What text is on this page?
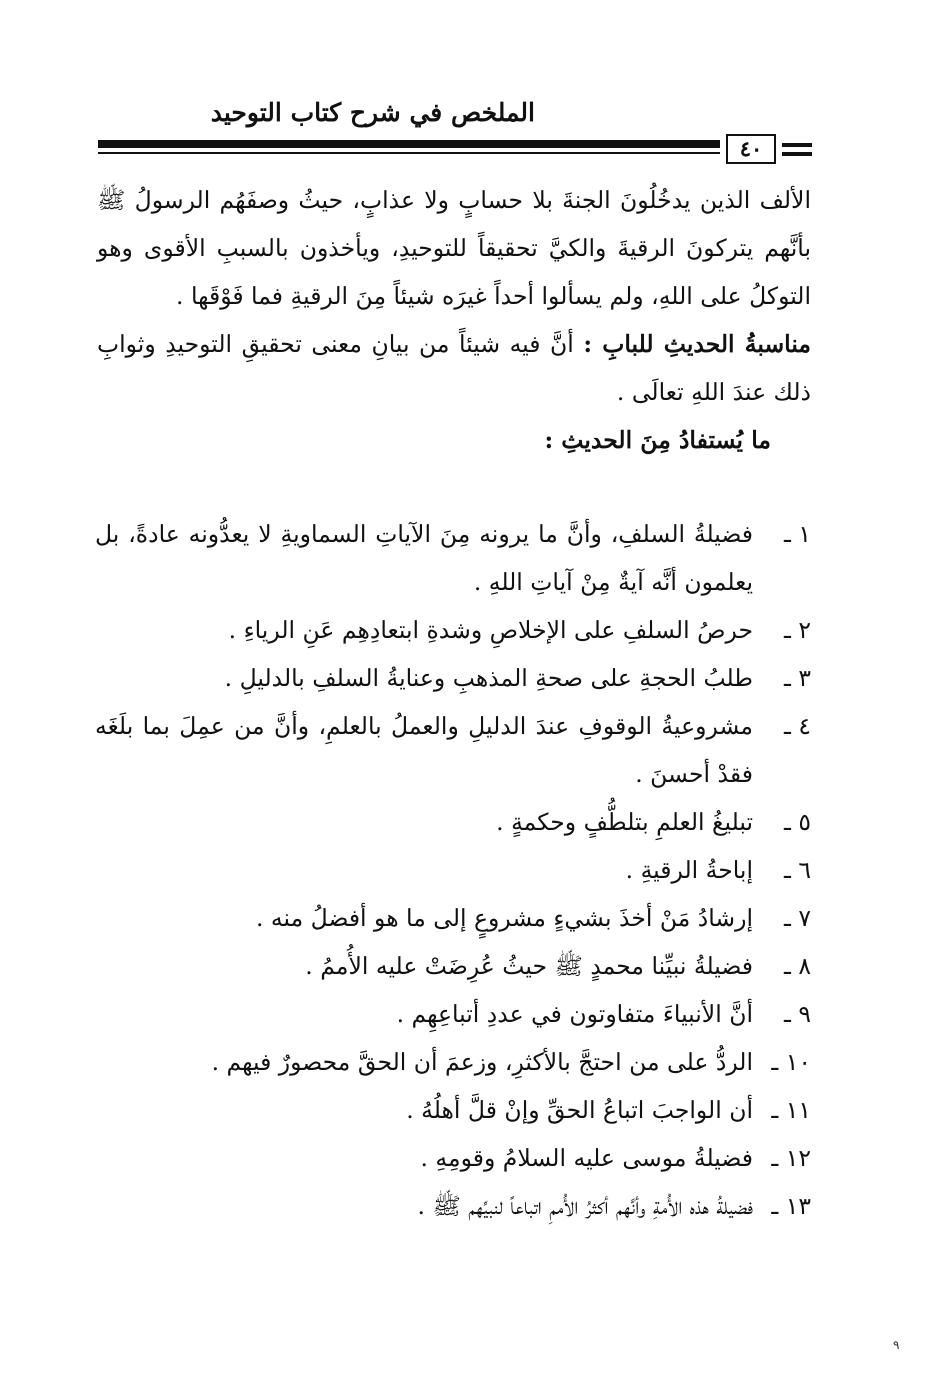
الملخص في شرح كتاب التوحيد
٤٠

الألف الذين يدخُلُونَ الجنةَ بلا حسابٍ ولا عذابٍ، حيثُ وصفَهُم الرسولُ ﷺ بأنَّهم يتركونَ الرقيةَ والكيَّ تحقيقاً للتوحيدِ، ويأخذون بالسببِ الأقوى وهو التوكلُ على اللهِ، ولم يسألوا أحداً غيرَه شيئاً مِنَ الرقيةِ فما فَوْقَها .

مناسبةُ الحديثِ للبابِ : أنَّ فيه شيئاً من بيانِ معنى تحقيقِ التوحيدِ وثوابِ ذلك عندَ اللهِ تعالَى .

ما يُستفادُ مِنَ الحديثِ :

١ ـ
فضيلةُ السلفِ، وأنَّ ما يرونه مِنَ الآياتِ السماويةِ لا يعدُّونه عادةً، بل يعلمون أنَّه آيةٌ مِنْ آياتِ اللهِ .
٢ ـ
حرصُ السلفِ على الإخلاصِ وشدةِ ابتعادِهِم عَنِ الرياءِ .
٣ ـ
طلبُ الحجةِ على صحةِ المذهبِ وعنايةُ السلفِ بالدليلِ .
٤ ـ
مشروعيةُ الوقوفِ عندَ الدليلِ والعملُ بالعلمِ، وأنَّ من عمِلَ بما بلَغَه فقدْ أحسنَ .
٥ ـ
تبليغُ العلمِ بتلطُّفٍ وحكمةٍ .
٦ ـ
إباحةُ الرقيةِ .
٧ ـ
إرشادُ مَنْ أخذَ بشيءٍ مشروعٍ إلى ما هو أفضلُ منه .
٨ ـ
فضيلةُ نبيِّنا محمدٍ ﷺ حيثُ عُرِضَتْ عليه الأُممُ .
٩ ـ
أنَّ الأنبياءَ متفاوتون في عددِ أتباعِهِم .
١٠ ـ
الردُّ على من احتجَّ بالأكثرِ، وزعمَ أن الحقَّ محصورٌ فيهم .
١١ ـ
أن الواجبَ اتباعُ الحقِّ وإنْ قلَّ أهلُهُ .
١٢ ـ
فضيلةُ موسى عليه السلامُ وقومِهِ .
١٣ ـ
فضيلةُ هذه الأُمةِ وأنَّهم أكثرُ الأُممِ اتباعاً لنبيِّهم ﷺ .
٩
